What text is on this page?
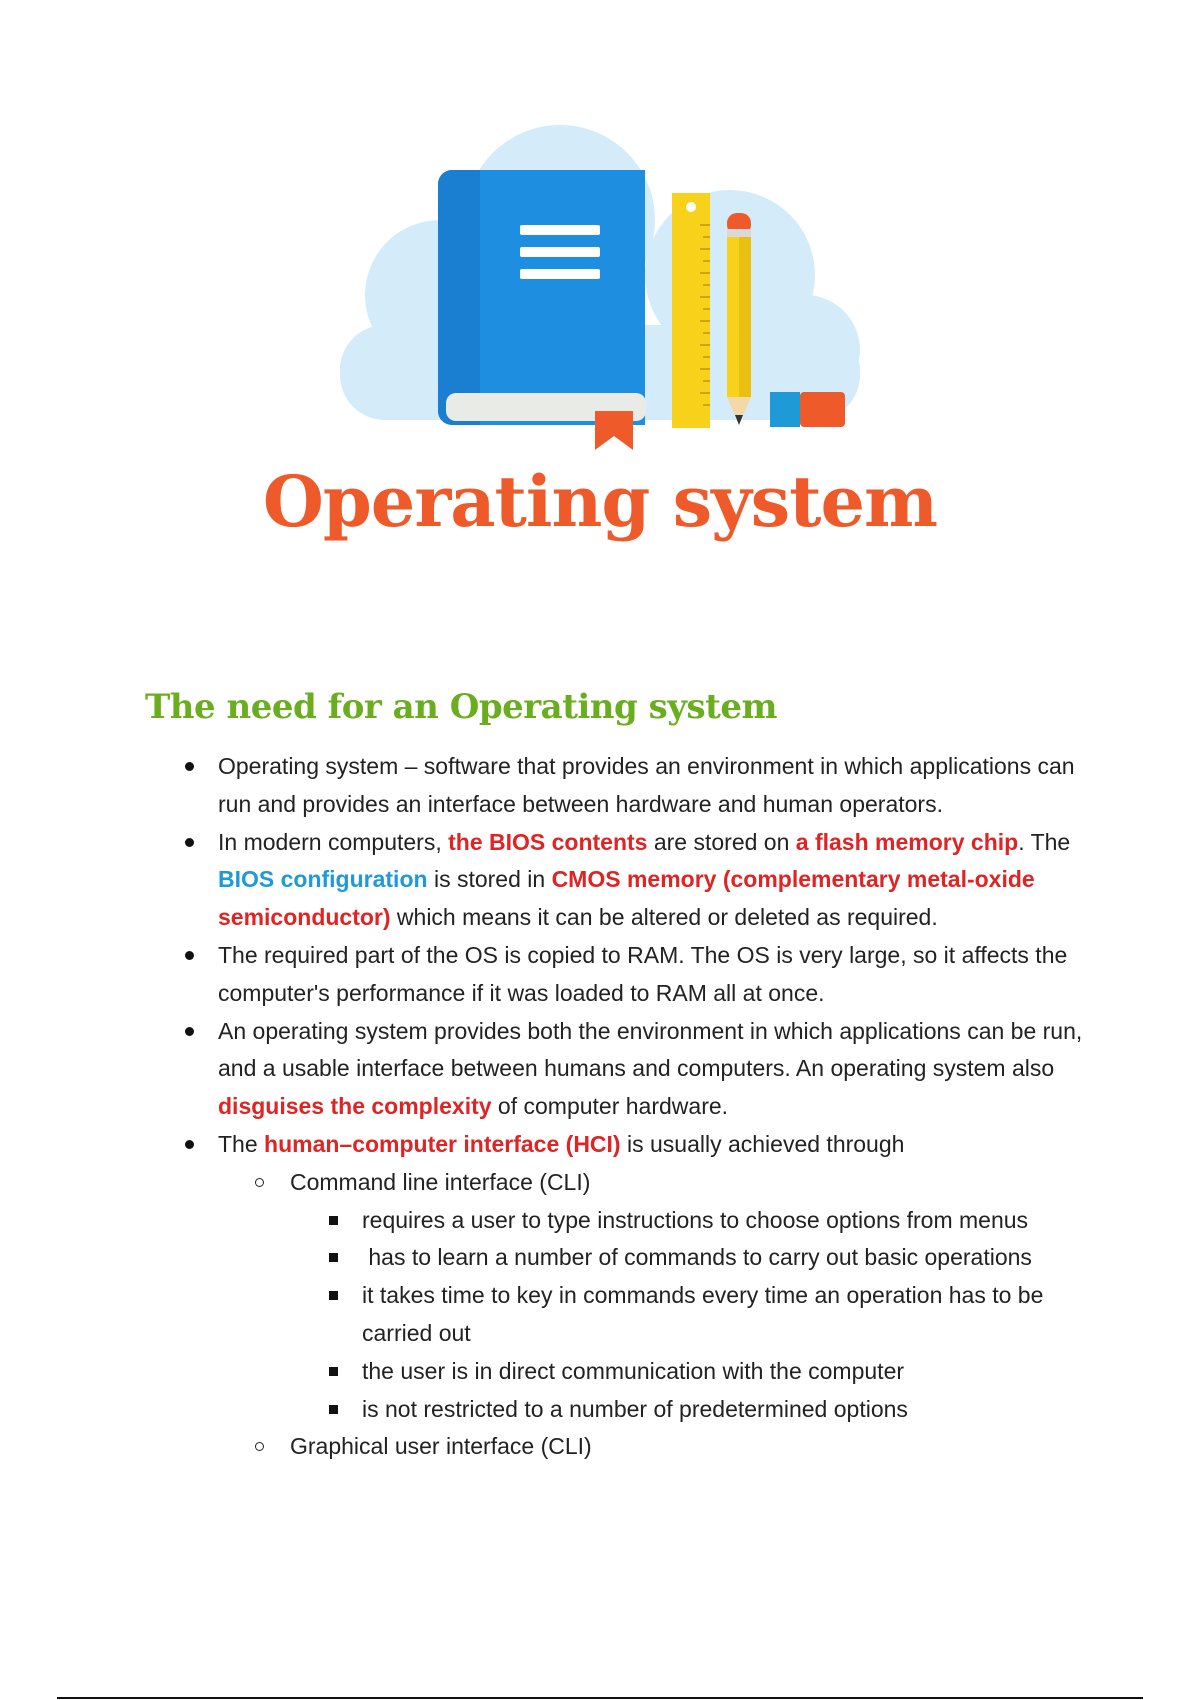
Operating system
The need for an Operating system
Operating system – software that provides an environment in which applications can run and provides an interface between hardware and human operators.
In modern computers, the BIOS contents are stored on a flash memory chip. The BIOS configuration is stored in CMOS memory (complementary metal-oxide semiconductor) which means it can be altered or deleted as required.
The required part of the OS is copied to RAM. The OS is very large, so it affects the computer's performance if it was loaded to RAM all at once.
An operating system provides both the environment in which applications can be run, and a usable interface between humans and computers. An operating system also disguises the complexity of computer hardware.
The human–computer interface (HCI) is usually achieved through
Command line interface (CLI)
requires a user to type instructions to choose options from menus
has to learn a number of commands to carry out basic operations
it takes time to key in commands every time an operation has to be carried out
the user is in direct communication with the computer
is not restricted to a number of predetermined options
Graphical user interface (CLI)
